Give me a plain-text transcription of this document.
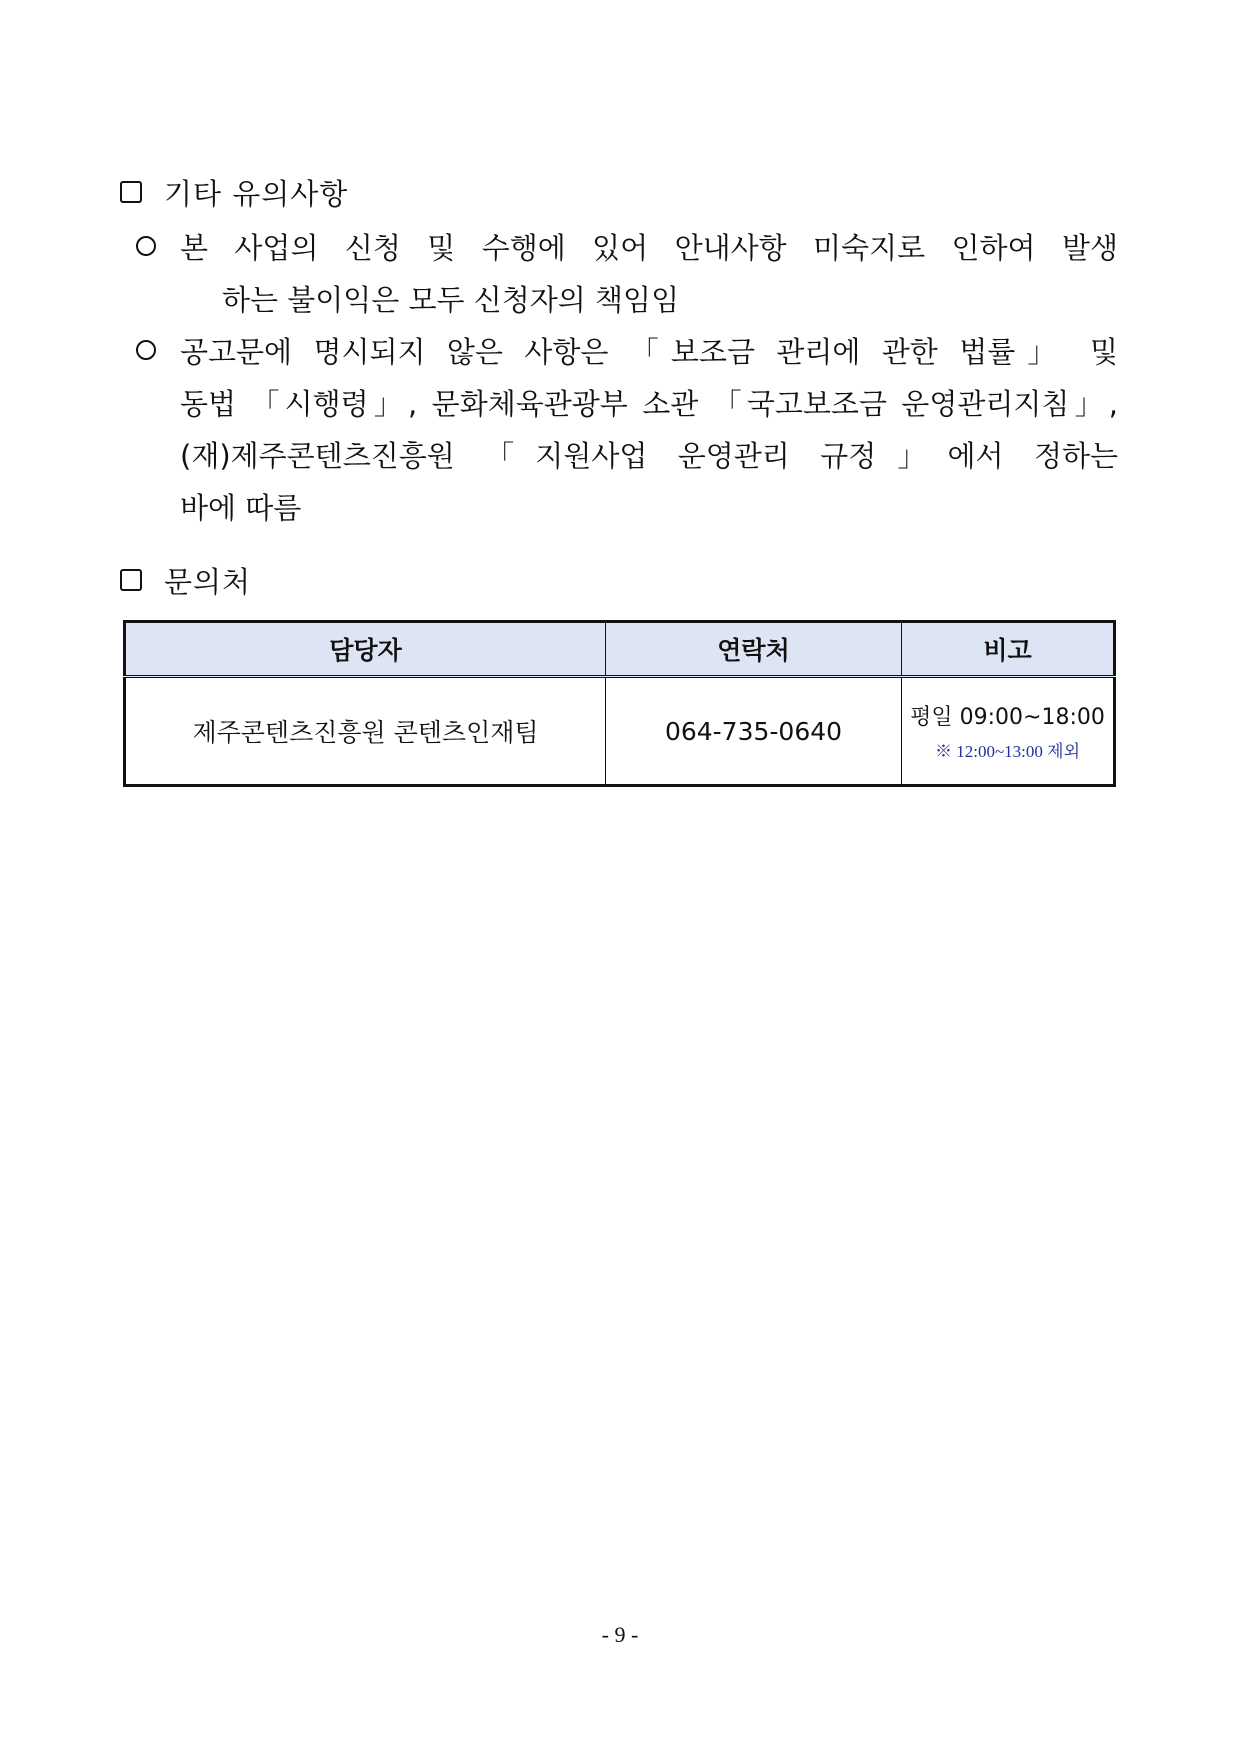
기타 유의사항
본 사업의 신청 및 수행에 있어 안내사항 미숙지로 인하여 발생
하는 불이익은 모두 신청자의 책임임
공고문에 명시되지 않은 사항은 「보조금 관리에 관한 법률」 및
동법 「시행령」, 문화체육관광부 소관 「국고보조금 운영관리지침」,
(재)제주콘텐츠진흥원 「지원사업 운영관리 규정」에서 정하는
바에 따름
문의처
담당자	연락처	비고
제주콘텐츠진흥원 콘텐츠인재팀	064-735-0640	평일 09:00~18:00
※ 12:00~13:00 제외
- 9 -
